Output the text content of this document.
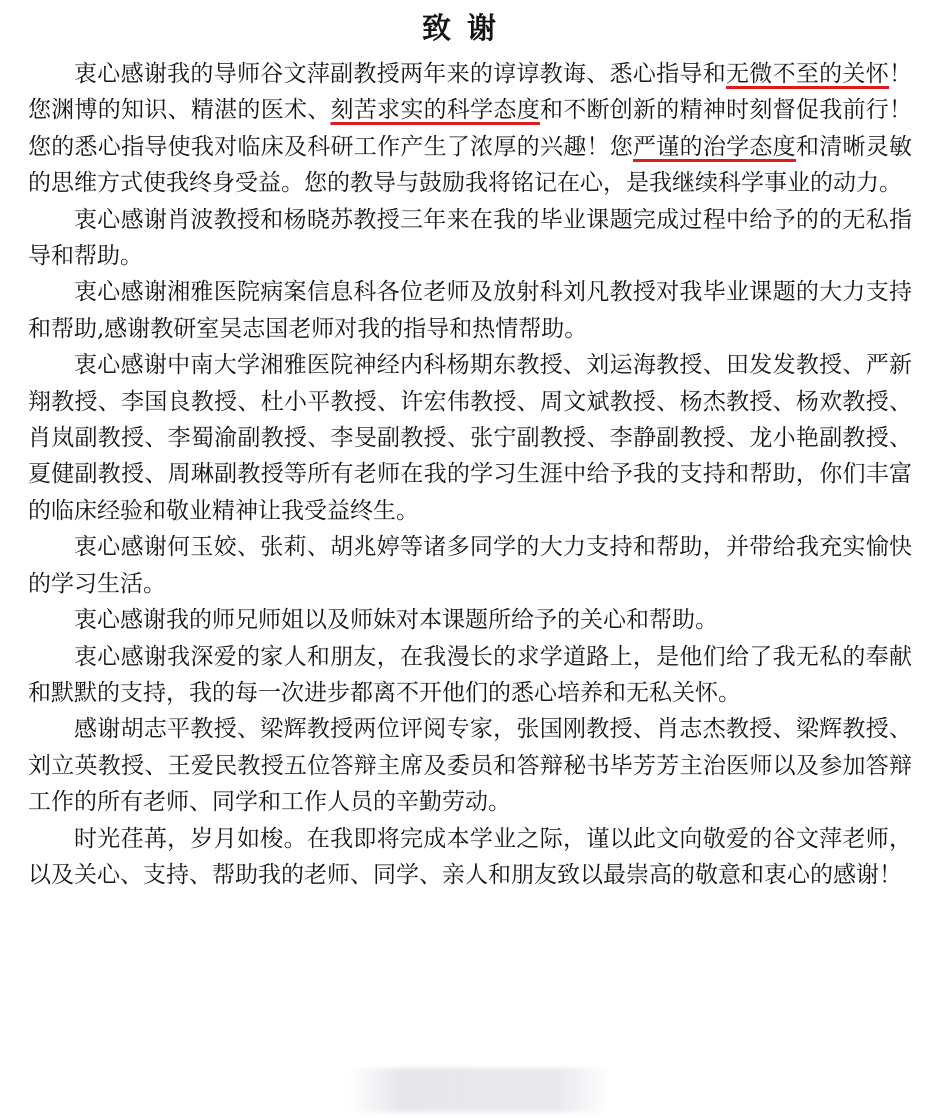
致谢

衷心感谢我的导师谷文萍副教授两年来的谆谆教诲、悉心指导和无微不至的关怀！您渊博的知识、精湛的医术、刻苦求实的科学态度和不断创新的精神时刻督促我前行！您的悉心指导使我对临床及科研工作产生了浓厚的兴趣！您严谨的治学态度和清晰灵敏的思维方式使我终身受益。您的教导与鼓励我将铭记在心，是我继续科学事业的动力。

衷心感谢肖波教授和杨晓苏教授三年来在我的毕业课题完成过程中给予的的无私指导和帮助。

衷心感谢湘雅医院病案信息科各位老师及放射科刘凡教授对我毕业课题的大力支持和帮助,感谢教研室吴志国老师对我的指导和热情帮助。

衷心感谢中南大学湘雅医院神经内科杨期东教授、刘运海教授、田发发教授、严新翔教授、李国良教授、杜小平教授、许宏伟教授、周文斌教授、杨杰教授、杨欢教授、肖岚副教授、李蜀渝副教授、李旻副教授、张宁副教授、李静副教授、龙小艳副教授、夏健副教授、周琳副教授等所有老师在我的学习生涯中给予我的支持和帮助，你们丰富的临床经验和敬业精神让我受益终生。

衷心感谢何玉姣、张莉、胡兆婷等诸多同学的大力支持和帮助，并带给我充实愉快的学习生活。

衷心感谢我的师兄师姐以及师妹对本课题所给予的关心和帮助。

衷心感谢我深爱的家人和朋友，在我漫长的求学道路上，是他们给了我无私的奉献和默默的支持，我的每一次进步都离不开他们的悉心培养和无私关怀。

感谢胡志平教授、梁辉教授两位评阅专家，张国刚教授、肖志杰教授、梁辉教授、刘立英教授、王爱民教授五位答辩主席及委员和答辩秘书毕芳芳主治医师以及参加答辩工作的所有老师、同学和工作人员的辛勤劳动。

时光荏苒，岁月如梭。在我即将完成本学业之际，谨以此文向敬爱的谷文萍老师，以及关心、支持、帮助我的老师、同学、亲人和朋友致以最崇高的敬意和衷心的感谢！
